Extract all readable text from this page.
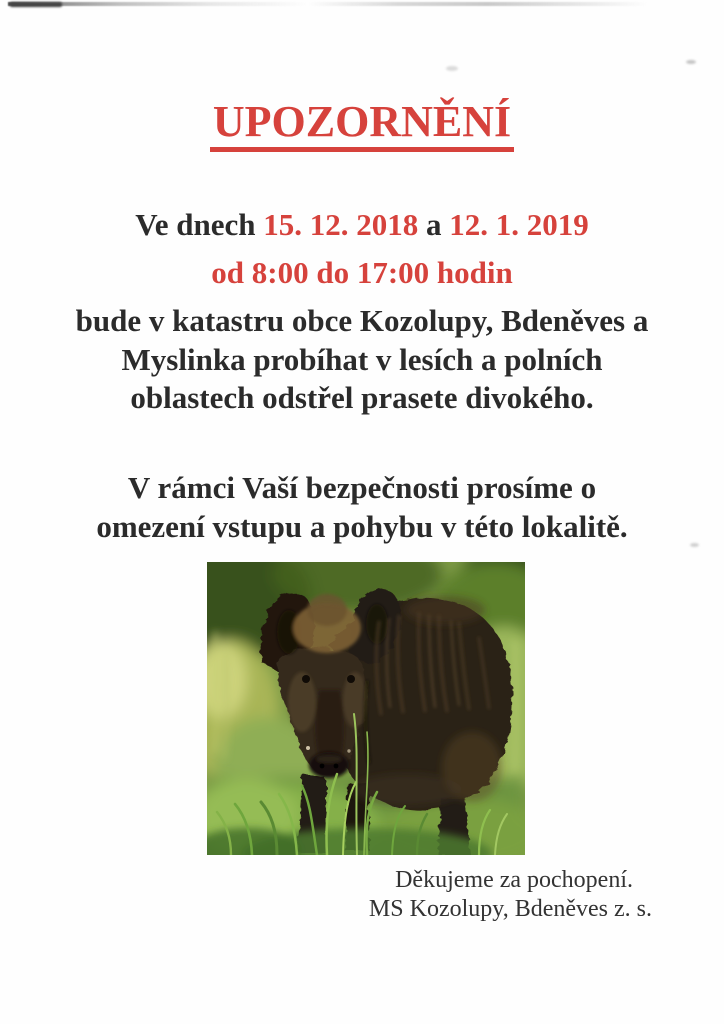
UPOZORNĚNÍ
Ve dnech 15. 12. 2018 a 12. 1. 2019
od 8:00 do 17:00 hodin
bude v katastru obce Kozolupy, Bdeněves a
Myslinka probíhat v lesích a polních
oblastech odstřel prasete divokého.
V rámci Vaší bezpečnosti prosíme o
omezení vstupu a pohybu v této lokalitě.
Děkujeme za pochopení.
MS Kozolupy, Bdeněves z. s.
